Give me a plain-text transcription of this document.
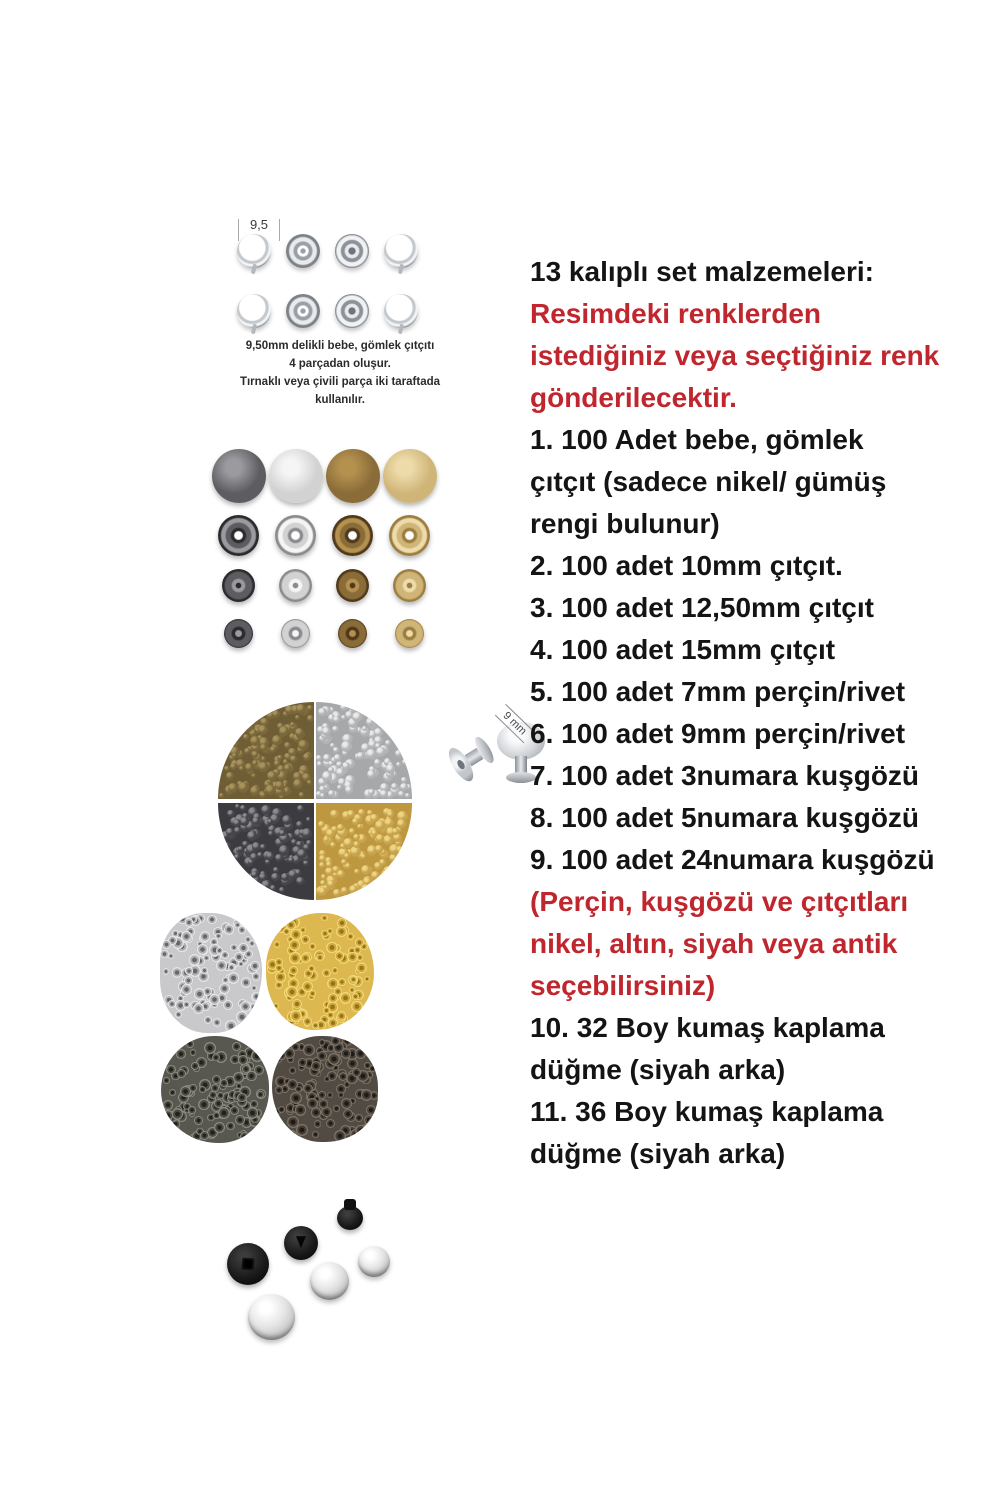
9,5
9,50mm delikli bebe, gömlek çıtçıtı
4 parçadan oluşur.
Tırnaklı veya çivili parça iki taraftada
kullanılır.
9 mm
13 kalıplı set malzemeleri:
Resimdeki renklerden
istediğiniz veya seçtiğiniz renk
gönderilecektir.
1. 100 Adet bebe, gömlek
çıtçıt (sadece nikel/ gümüş
rengi bulunur)
2. 100 adet 10mm çıtçıt.
3. 100 adet 12,50mm çıtçıt
4. 100 adet 15mm çıtçıt
5. 100 adet 7mm perçin/rivet
6. 100 adet 9mm perçin/rivet
7. 100 adet 3numara kuşgözü
8. 100 adet 5numara kuşgözü
9. 100 adet 24numara kuşgözü
(Perçin, kuşgözü ve çıtçıtları
nikel, altın, siyah veya antik
seçebilirsiniz)
10. 32 Boy kumaş kaplama
düğme (siyah arka)
11. 36 Boy kumaş kaplama
düğme (siyah arka)
